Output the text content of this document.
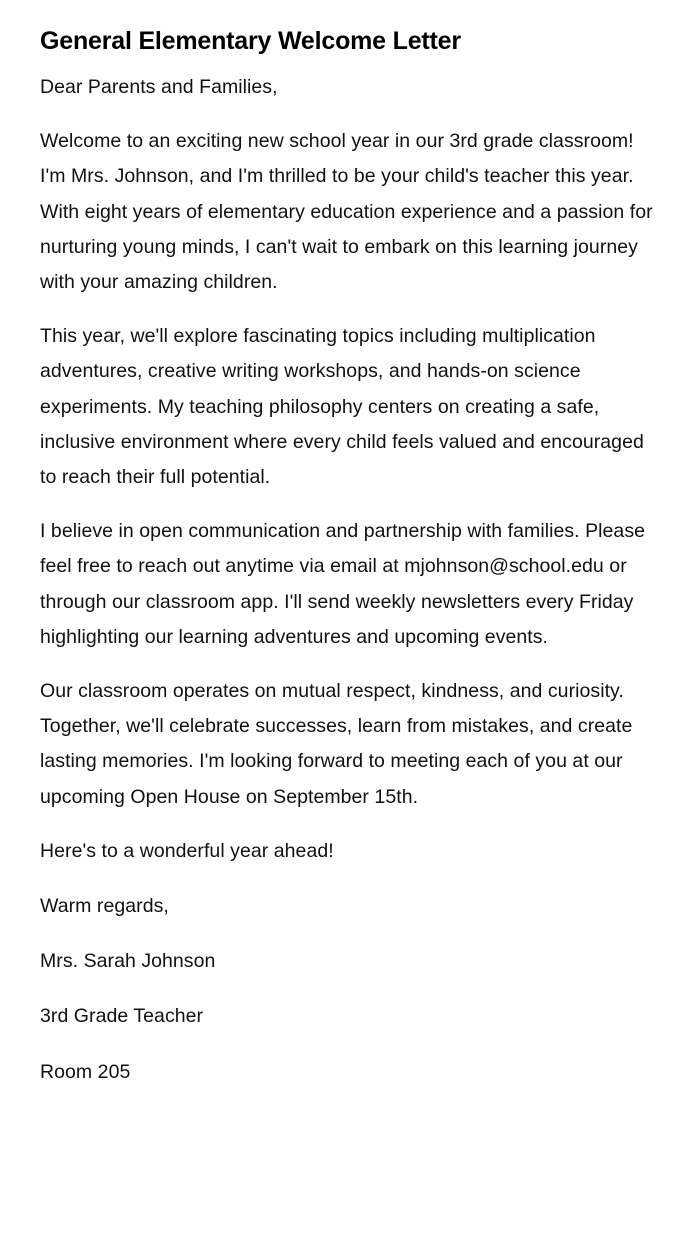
General Elementary Welcome Letter

Dear Parents and Families,

Welcome to an exciting new school year in our 3rd grade classroom! I'm Mrs. Johnson, and I'm thrilled to be your child's teacher this year. With eight years of elementary education experience and a passion for nurturing young minds, I can't wait to embark on this learning journey with your amazing children.

This year, we'll explore fascinating topics including multiplication adventures, creative writing workshops, and hands-on science experiments. My teaching philosophy centers on creating a safe, inclusive environment where every child feels valued and encouraged to reach their full potential.

I believe in open communication and partnership with families. Please feel free to reach out anytime via email at mjohnson@school.edu or through our classroom app. I'll send weekly newsletters every Friday highlighting our learning adventures and upcoming events.

Our classroom operates on mutual respect, kindness, and curiosity. Together, we'll celebrate successes, learn from mistakes, and create lasting memories. I'm looking forward to meeting each of you at our upcoming Open House on September 15th.

Here's to a wonderful year ahead!

Warm regards,

Mrs. Sarah Johnson

3rd Grade Teacher

Room 205
